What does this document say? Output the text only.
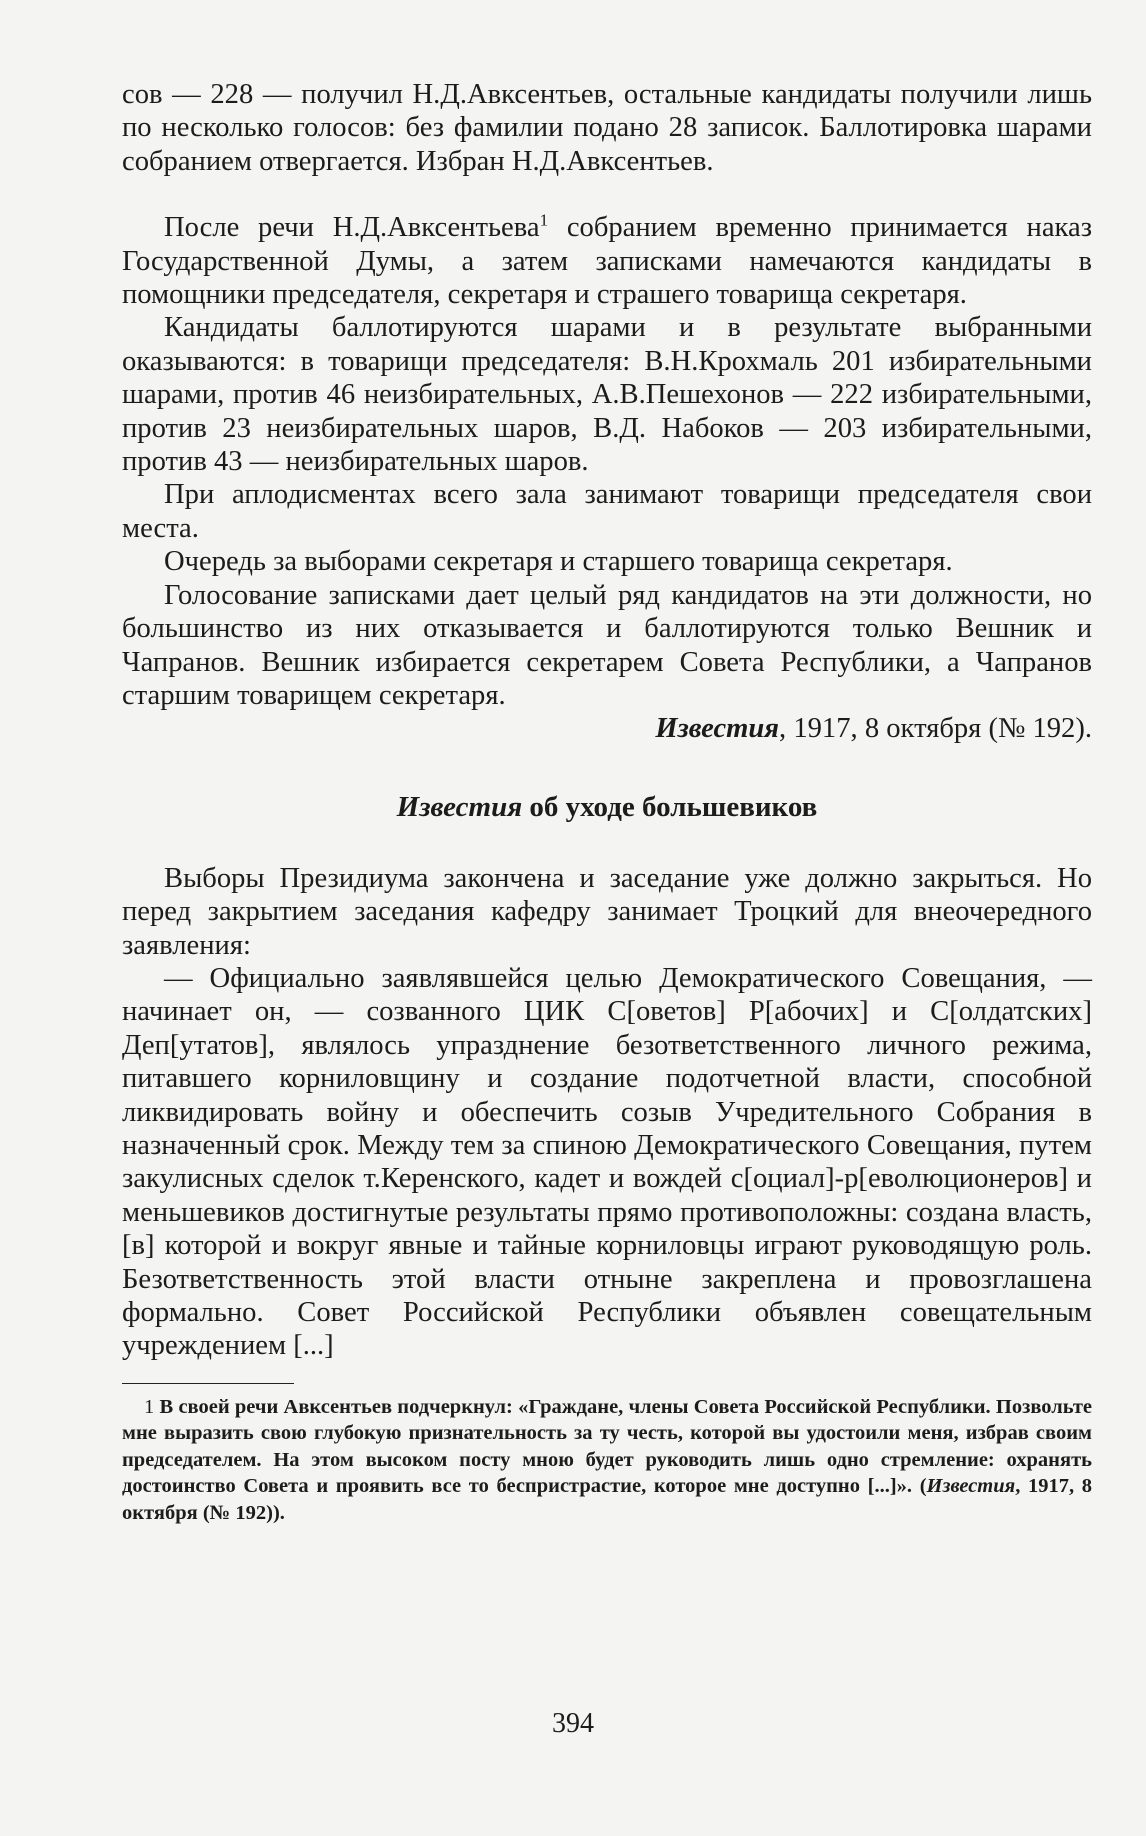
сов — 228 — получил Н.Д.Авксентьев, остальные кандидаты получили лишь по несколько голосов: без фамилии подано 28 записок. Баллотировка шарами собранием отвергается. Избран Н.Д.Авксентьев.

После речи Н.Д.Авксентьева$^1$ собранием временно принимается наказ Государственной Думы, а затем записками намечаются кандидаты в помощники председателя, секретаря и страшего товарища секретаря.

Кандидаты баллотируются шарами и в результате выбранными оказываются: в товарищи председателя: В.Н.Крохмаль 201 избирательными шарами, против 46 неизбирательных, А.В.Пешехонов — 222 избирательными, против 23 неизбирательных шаров, В.Д. Набоков — 203 избирательными, против 43 — неизбирательных шаров.

При аплодисментах всего зала занимают товарищи председателя свои места.

Очередь за выборами секретаря и старшего товарища секретаря.

Голосование записками дает целый ряд кандидатов на эти должности, но большинство из них отказывается и баллотируются только Вешник и Чапранов. Вешник избирается секретарем Совета Республики, а Чапранов старшим товарищем секретаря.

Известия, 1917, 8 октября (№ 192).

Известия об уходе большевиков

Выборы Президиума закончена и заседание уже должно закрыться. Но перед закрытием заседания кафедру занимает Троцкий для внеочередного заявления:

— Официально заявлявшейся целью Демократического Совещания, — начинает он, — созванного ЦИК С[оветов] Р[абочих] и С[олдатских] Деп[утатов], являлось упразднение безответственного личного режима, питавшего корниловщину и создание подотчетной власти, способной ликвидировать войну и обеспечить созыв Учредительного Собрания в назначенный срок. Между тем за спиною Демократического Совещания, путем закулисных сделок т.Керенского, кадет и вождей с[оциал]-р[еволюционеров] и меньшевиков достигнутые результаты прямо противоположны: создана власть, [в] которой и вокруг явные и тайные корниловцы играют руководящую роль. Безответственность этой власти отныне закреплена и провозглашена формально. Совет Российской Республики объявлен совещательным учреждением [...]

1 В своей речи Авксентьев подчеркнул: «Граждане, члены Совета Российской Республики. Позвольте мне выразить свою глубокую признательность за ту честь, которой вы удостоили меня, избрав своим председателем. На этом высоком посту мною будет руководить лишь одно стремление: охранять достоинство Совета и проявить все то беспристрастие, которое мне доступно [...]». (Известия, 1917, 8 октября (№ 192)).

394
